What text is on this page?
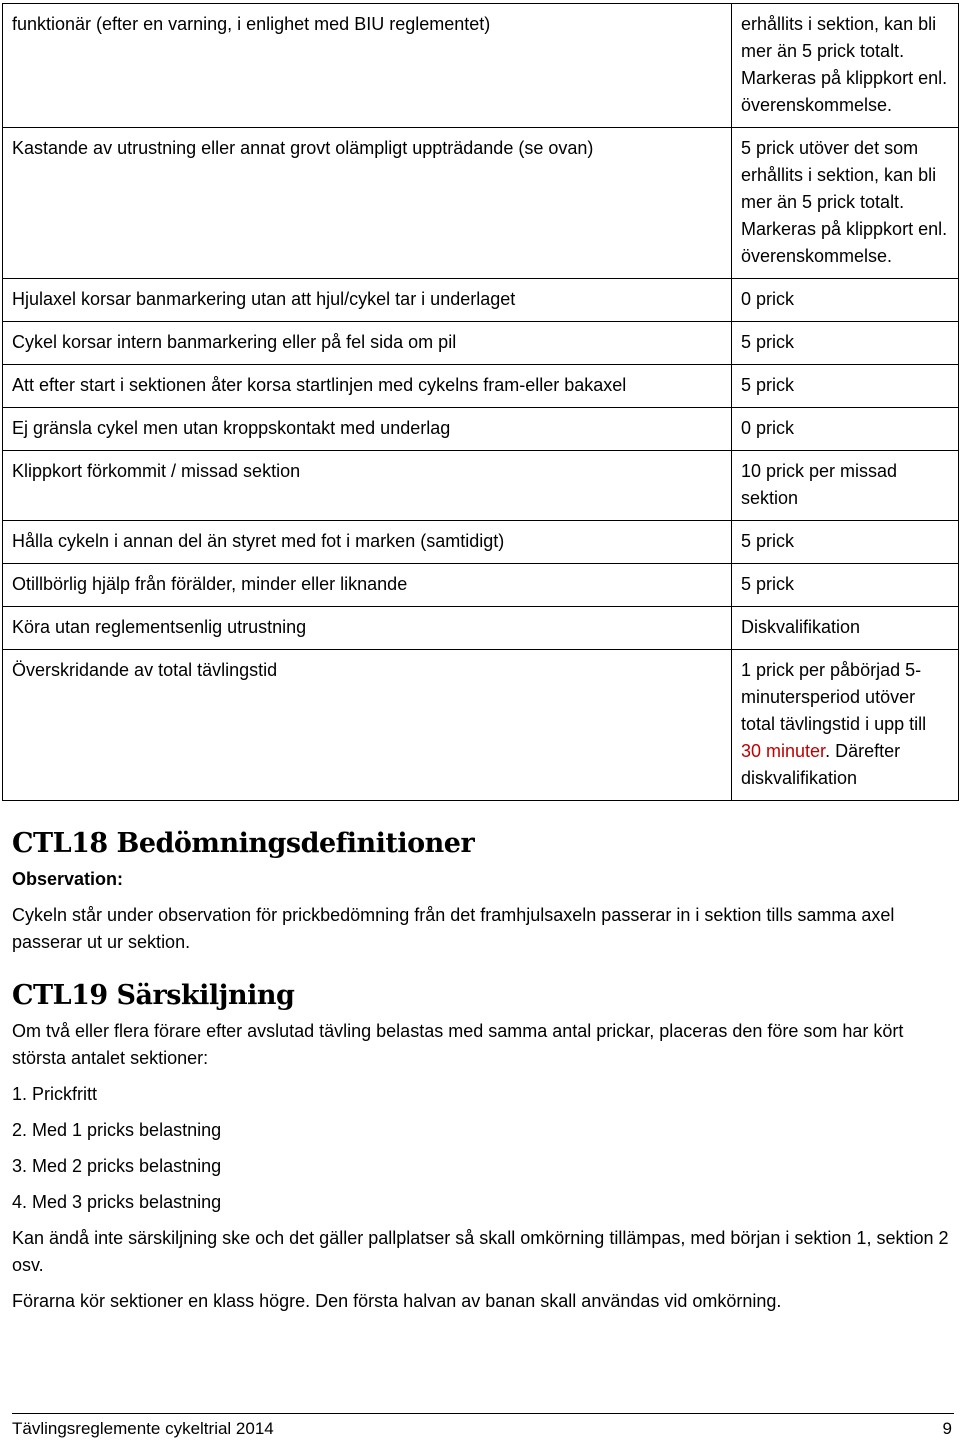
funktionär (efter en varning, i enlighet med BIU reglementet)	erhållits i sektion, kan bli mer än 5 prick totalt. Markeras på klippkort enl. överenskommelse.
Kastande av utrustning eller annat grovt olämpligt uppträdande (se ovan)	5 prick utöver det som erhållits i sektion, kan bli mer än 5 prick totalt. Markeras på klippkort enl. överenskommelse.
Hjulaxel korsar banmarkering utan att hjul/cykel tar i underlaget	0 prick
Cykel korsar intern banmarkering eller på fel sida om pil	5 prick
Att efter start i sektionen åter korsa startlinjen med cykelns fram-eller bakaxel	5 prick
Ej gränsla cykel men utan kroppskontakt med underlag	0 prick
Klippkort förkommit / missad sektion	10 prick per missad sektion
Hålla cykeln i annan del än styret med fot i marken (samtidigt)	5 prick
Otillbörlig hjälp från förälder, minder eller liknande	5 prick
Köra utan reglementsenlig utrustning	Diskvalifikation
Överskridande av total tävlingstid	1 prick per påbörjad 5-minutersperiod utöver total tävlingstid i upp till 30 minuter. Därefter diskvalifikation
CTL18 Bedömningsdefinitioner
Observation:

Cykeln står under observation för prickbedömning från det framhjulsaxeln passerar in i sektion tills samma axel passerar ut ur sektion.

CTL19 Särskiljning

Om två eller flera förare efter avslutad tävling belastas med samma antal prickar, placeras den före som har kört största antalet sektioner:

1. Prickfritt
2. Med 1 pricks belastning
3. Med 2 pricks belastning
4. Med 3 pricks belastning

Kan ändå inte särskiljning ske och det gäller pallplatser så skall omkörning tillämpas, med början i sektion 1, sektion 2 osv.

Förarna kör sektioner en klass högre. Den första halvan av banan skall användas vid omkörning.

Tävlingsreglemente cykeltrial 2014	9
